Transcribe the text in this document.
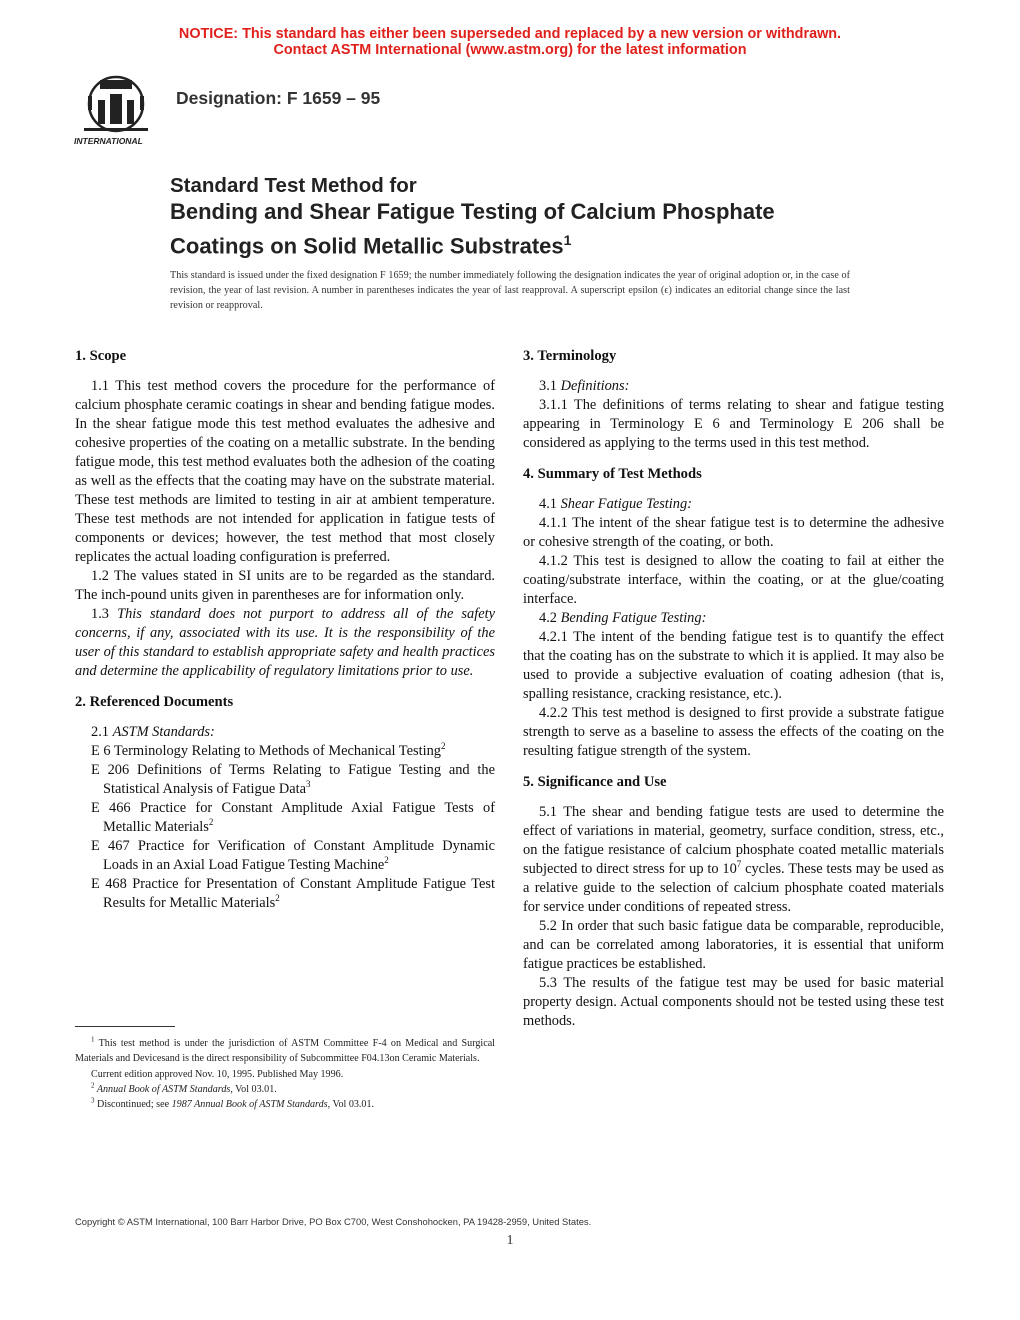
NOTICE: This standard has either been superseded and replaced by a new version or withdrawn.
Contact ASTM International (www.astm.org) for the latest information
INTERNATIONAL
Designation: F 1659 – 95
Standard Test Method for
Bending and Shear Fatigue Testing of Calcium Phosphate
Coatings on Solid Metallic Substrates$^1$
This standard is issued under the fixed designation F 1659; the number immediately following the designation indicates the year of original adoption or, in the case of revision, the year of last revision. A number in parentheses indicates the year of last reapproval. A superscript epsilon (ϵ) indicates an editorial change since the last revision or reapproval.
1. Scope

1.1 This test method covers the procedure for the performance of calcium phosphate ceramic coatings in shear and bending fatigue modes. In the shear fatigue mode this test method evaluates the adhesive and cohesive properties of the coating on a metallic substrate. In the bending fatigue mode, this test method evaluates both the adhesion of the coating as well as the effects that the coating may have on the substrate material. These test methods are limited to testing in air at ambient temperature. These test methods are not intended for application in fatigue tests of components or devices; however, the test method that most closely replicates the actual loading configuration is preferred.

1.2 The values stated in SI units are to be regarded as the standard. The inch-pound units given in parentheses are for information only.

1.3 This standard does not purport to address all of the safety concerns, if any, associated with its use. It is the responsibility of the user of this standard to establish appropriate safety and health practices and determine the applicability of regulatory limitations prior to use.

2. Referenced Documents

2.1 ASTM Standards:

E 6 Terminology Relating to Methods of Mechanical Testing$^2$

E 206 Definitions of Terms Relating to Fatigue Testing and the Statistical Analysis of Fatigue Data$^3$

E 466 Practice for Constant Amplitude Axial Fatigue Tests of Metallic Materials$^2$

E 467 Practice for Verification of Constant Amplitude Dynamic Loads in an Axial Load Fatigue Testing Machine$^2$

E 468 Practice for Presentation of Constant Amplitude Fatigue Test Results for Metallic Materials$^2$

3. Terminology

3.1 Definitions:

3.1.1 The definitions of terms relating to shear and fatigue testing appearing in Terminology E 6 and Terminology E 206 shall be considered as applying to the terms used in this test method.

4. Summary of Test Methods

4.1 Shear Fatigue Testing:

4.1.1 The intent of the shear fatigue test is to determine the adhesive or cohesive strength of the coating, or both.

4.1.2 This test is designed to allow the coating to fail at either the coating/substrate interface, within the coating, or at the glue/coating interface.

4.2 Bending Fatigue Testing:

4.2.1 The intent of the bending fatigue test is to quantify the effect that the coating has on the substrate to which it is applied. It may also be used to provide a subjective evaluation of coating adhesion (that is, spalling resistance, cracking resistance, etc.).

4.2.2 This test method is designed to first provide a substrate fatigue strength to serve as a baseline to assess the effects of the coating on the resulting fatigue strength of the system.

5. Significance and Use

5.1 The shear and bending fatigue tests are used to determine the effect of variations in material, geometry, surface condition, stress, etc., on the fatigue resistance of calcium phosphate coated metallic materials subjected to direct stress for up to $10^7$ cycles. These tests may be used as a relative guide to the selection of calcium phosphate coated materials for service under conditions of repeated stress.

5.2 In order that such basic fatigue data be comparable, reproducible, and can be correlated among laboratories, it is essential that uniform fatigue practices be established.

5.3 The results of the fatigue test may be used for basic material property design. Actual components should not be tested using these test methods.

$^1$ This test method is under the jurisdiction of ASTM Committee F-4 on Medical and Surgical Materials and Devicesand is the direct responsibility of Subcommittee F04.13on Ceramic Materials.

Current edition approved Nov. 10, 1995. Published May 1996.

$^2$ Annual Book of ASTM Standards, Vol 03.01.

$^3$ Discontinued; see 1987 Annual Book of ASTM Standards, Vol 03.01.

Copyright © ASTM International, 100 Barr Harbor Drive, PO Box C700, West Conshohocken, PA 19428-2959, United States.
1
